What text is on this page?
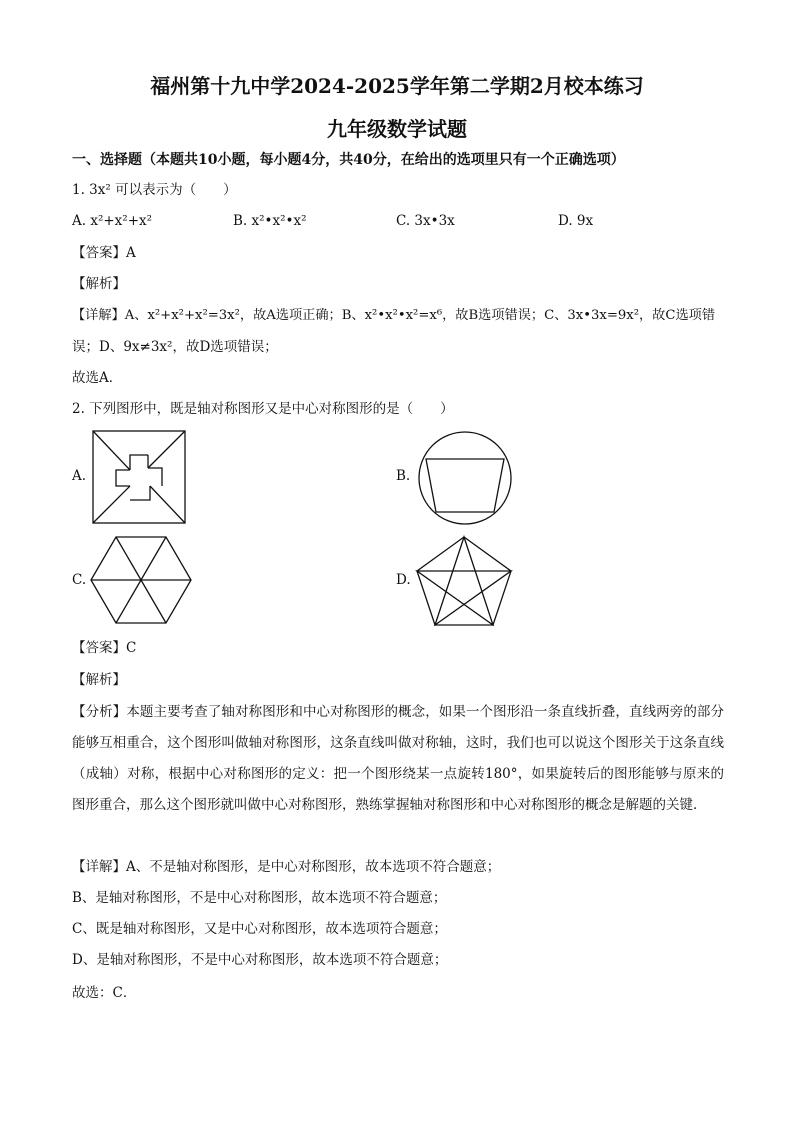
福州第十九中学2024-2025学年第二学期2月校本练习
九年级数学试题
一、选择题（本题共10小题，每小题4分，共40分，在给出的选项里只有一个正确选项）
1. 3x² 可以表示为（　　）
A. x²+x²+x²	B. x²•x²•x²	C. 3x•3x	D. 9x
【答案】A
【解析】
【详解】A、x²+x²+x²=3x²，故A选项正确；B、x²•x²•x²=x⁶，故B选项错误；C、3x•3x=9x²，故C选项错
误；D、9x≠3x²，故D选项错误；
故选A．
2. 下列图形中，既是轴对称图形又是中心对称图形的是（　　）
A.	B.
C.	D.
【答案】C
【解析】
【分析】本题主要考查了轴对称图形和中心对称图形的概念，如果一个图形沿一条直线折叠，直线两旁的部分能够互相重合，这个图形叫做轴对称图形，这条直线叫做对称轴，这时，我们也可以说这个图形关于这条直线（成轴）对称，根据中心对称图形的定义：把一个图形绕某一点旋转180°，如果旋转后的图形能够与原来的图形重合，那么这个图形就叫做中心对称图形，熟练掌握轴对称图形和中心对称图形的概念是解题的关键．
【详解】A、不是轴对称图形，是中心对称图形，故本选项不符合题意；
B、是轴对称图形，不是中心对称图形，故本选项不符合题意；
C、既是轴对称图形，又是中心对称图形，故本选项符合题意；
D、是轴对称图形，不是中心对称图形，故本选项不符合题意；
故选：C．
